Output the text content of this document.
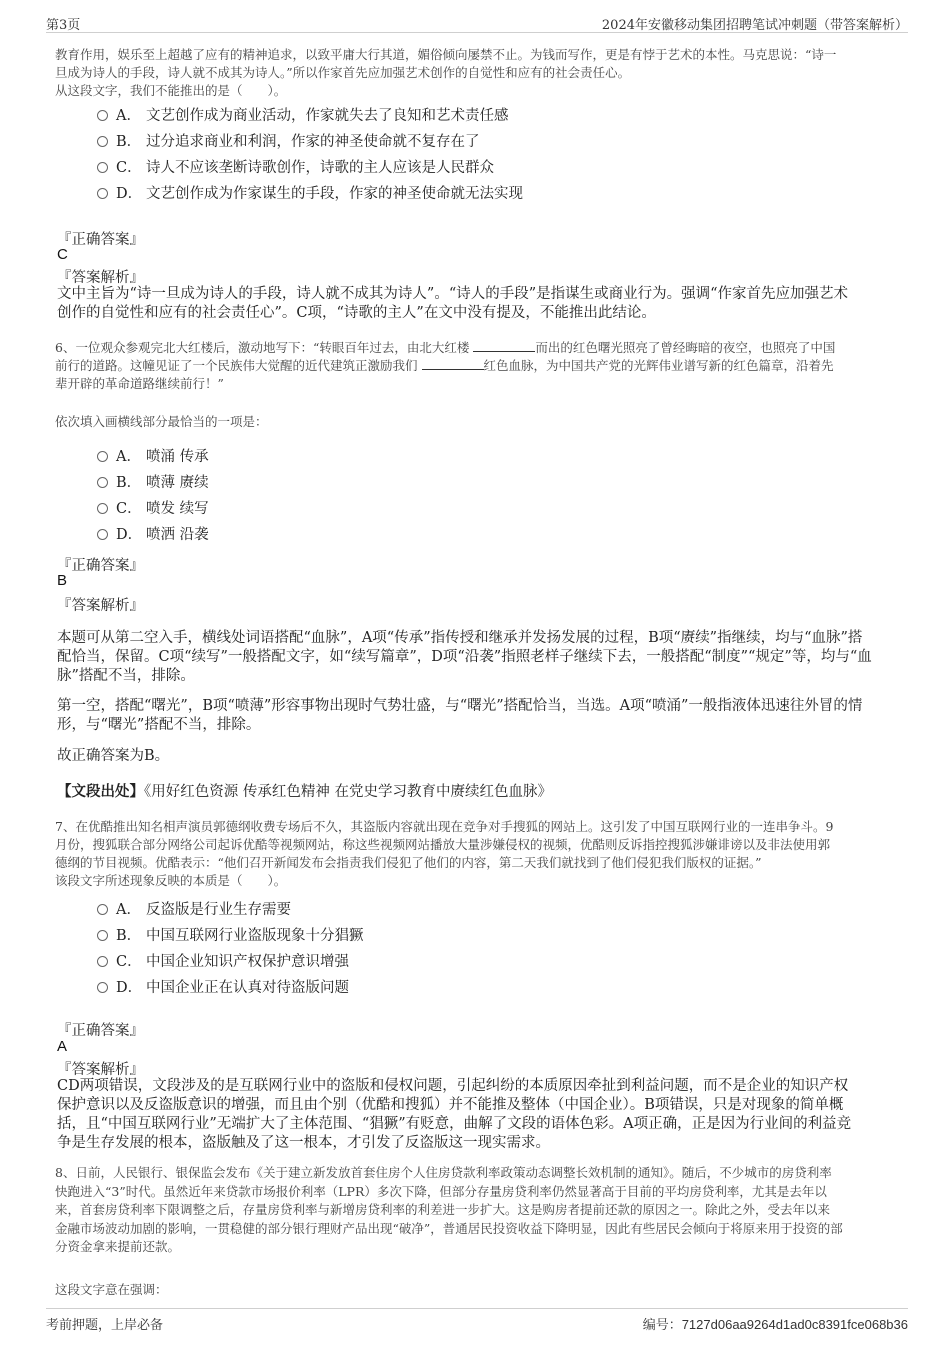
第3页	2024年安徽移动集团招聘笔试冲刺题（带答案解析）
教育作用，娱乐至上超越了应有的精神追求，以致平庸大行其道，媚俗倾向屡禁不止。为钱而写作，更是有悖于艺术的本性。马克思说：“诗一
旦成为诗人的手段，诗人就不成其为诗人。”所以作家首先应加强艺术创作的自觉性和应有的社会责任心。
从这段文字，我们不能推出的是（　　）。
A． 文艺创作成为商业活动，作家就失去了良知和艺术责任感
B． 过分追求商业和利润，作家的神圣使命就不复存在了
C． 诗人不应该垄断诗歌创作，诗歌的主人应该是人民群众
D． 文艺创作成为作家谋生的手段，作家的神圣使命就无法实现
『正确答案』
C
『答案解析』
文中主旨为“诗一旦成为诗人的手段，诗人就不成其为诗人”。“诗人的手段”是指谋生或商业行为。强调“作家首先应加强艺术
创作的自觉性和应有的社会责任心”。C项，“诗歌的主人”在文中没有提及，不能推出此结论。
6、一位观众参观完北大红楼后，激动地写下：“转眼百年过去，由北大红楼	而出的红色曙光照亮了曾经晦暗的夜空，也照亮了中国
前行的道路。这幢见证了一个民族伟大觉醒的近代建筑正激励我们	红色血脉，为中国共产党的光辉伟业谱写新的红色篇章，沿着先
辈开辟的革命道路继续前行！”
依次填入画横线部分最恰当的一项是：
A． 喷涌 传承
B． 喷薄 赓续
C． 喷发 续写
D． 喷洒 沿袭
『正确答案』
B
『答案解析』
本题可从第二空入手，横线处词语搭配“血脉”，A项“传承”指传授和继承并发扬发展的过程，B项“赓续”指继续，均与“血脉”搭
配恰当，保留。C项“续写”一般搭配文字，如“续写篇章”，D项“沿袭”指照老样子继续下去，一般搭配“制度”“规定”等，均与“血
脉”搭配不当，排除。
第一空，搭配“曙光”，B项“喷薄”形容事物出现时气势壮盛，与“曙光”搭配恰当，当选。A项“喷涌”一般指液体迅速往外冒的情
形，与“曙光”搭配不当，排除。
故正确答案为B。
【文段出处】《用好红色资源 传承红色精神 在党史学习教育中赓续红色血脉》
7、在优酷推出知名相声演员郭德纲收费专场后不久，其盗版内容就出现在竞争对手搜狐的网站上。这引发了中国互联网行业的一连串争斗。9
月份，搜狐联合部分网络公司起诉优酷等视频网站，称这些视频网站播放大量涉嫌侵权的视频，优酷则反诉指控搜狐涉嫌诽谤以及非法使用郭
德纲的节目视频。优酷表示：“他们召开新闻发布会指责我们侵犯了他们的内容，第二天我们就找到了他们侵犯我们版权的证据。”
该段文字所述现象反映的本质是（　　）。
A． 反盗版是行业生存需要
B． 中国互联网行业盗版现象十分猖獗
C． 中国企业知识产权保护意识增强
D． 中国企业正在认真对待盗版问题
『正确答案』
A
『答案解析』
CD两项错误，文段涉及的是互联网行业中的盗版和侵权问题，引起纠纷的本质原因牵扯到利益问题，而不是企业的知识产权
保护意识以及反盗版意识的增强，而且由个别（优酷和搜狐）并不能推及整体（中国企业）。B项错误，只是对现象的简单概
括，且“中国互联网行业”无端扩大了主体范围、“猖獗”有贬意，曲解了文段的语体色彩。A项正确，正是因为行业间的利益竞
争是生存发展的根本，盗版触及了这一根本，才引发了反盗版这一现实需求。
8、日前，人民银行、银保监会发布《关于建立新发放首套住房个人住房贷款利率政策动态调整长效机制的通知》。随后，不少城市的房贷利率
快跑进入“3”时代。虽然近年来贷款市场报价利率（LPR）多次下降，但部分存量房贷利率仍然显著高于目前的平均房贷利率，尤其是去年以
来，首套房贷利率下限调整之后，存量房贷利率与新增房贷利率的利差进一步扩大。这是购房者提前还款的原因之一。除此之外，受去年以来
金融市场波动加剧的影响，一贯稳健的部分银行理财产品出现“破净”，普通居民投资收益下降明显，因此有些居民会倾向于将原来用于投资的部
分资金拿来提前还款。
这段文字意在强调：
考前押题，上岸必备	编号：7127d06aa9264d1ad0c8391fce068b36
